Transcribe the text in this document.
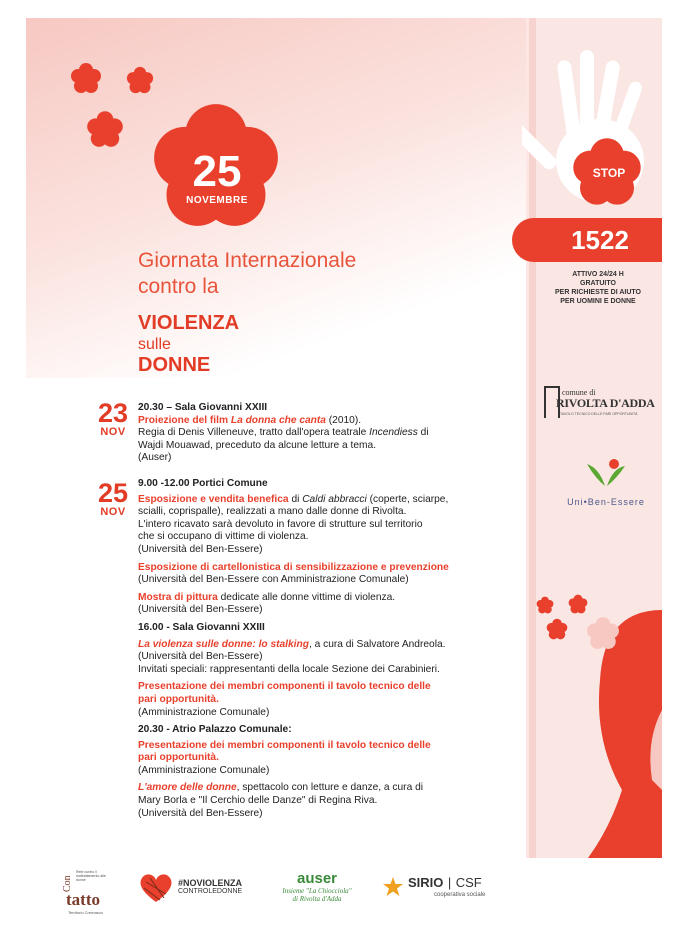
25
NOVEMBRE
Giornata Internazionale
contro la
VIOLENZA
sulle
DONNE
STOP
1522
ATTIVO 24/24 H
GRATUITO
PER RICHIESTE DI AIUTO
PER UOMINI E DONNE
comune di
RIVOLTA D'ADDA
TAVOLO TECNICO DELLE PARI OPPORTUNITÀ
Uni•Ben-Essere
23
NOV
25
NOV
20.30 – Sala Giovanni XXIII
Proiezione del film La donna che canta (2010).
Regia di Denis Villeneuve, tratto dall'opera teatrale Incendiess di
Wajdi Mouawad, preceduto da alcune letture a tema.
(Auser)
9.00 -12.00 Portici Comune
Esposizione e vendita benefica di Caldi abbracci (coperte, sciarpe,
scialli, coprispalle), realizzati a mano dalle donne di Rivolta.
L'intero ricavato sarà devoluto in favore di strutture sul territorio
che si occupano di vittime di violenza.
(Università del Ben-Essere)
Esposizione di cartellonistica di sensibilizzazione e prevenzione
(Università del Ben-Essere con Amministrazione Comunale)
Mostra di pittura dedicate alle donne vittime di violenza.
(Università del Ben-Essere)
16.00 - Sala Giovanni XXIII
La violenza sulle donne: lo stalking, a cura di Salvatore Andreola.
(Università del Ben-Essere)
Invitati speciali: rappresentanti della locale Sezione dei Carabinieri.
Presentazione dei membri componenti il tavolo tecnico delle
pari opportunità.
(Amministrazione Comunale)
20.30 - Atrio Palazzo Comunale:
Presentazione dei membri componenti il tavolo tecnico delle
pari opportunità.
(Amministrazione Comunale)
L'amore delle donne, spettacolo con letture e danze, a cura di
Mary Borla e "Il Cerchio delle Danze" di Regina Riva.
(Università del Ben-Essere)
Con
Rete contro il maltrattamento alle donne
tatto
Territorio Cremasco
#NOVIOLENZA
CONTROLEDONNE
auser
Insieme "La Chiocciola"
di Rivolta d'Adda
SIRIO | CSF
cooperativa sociale
